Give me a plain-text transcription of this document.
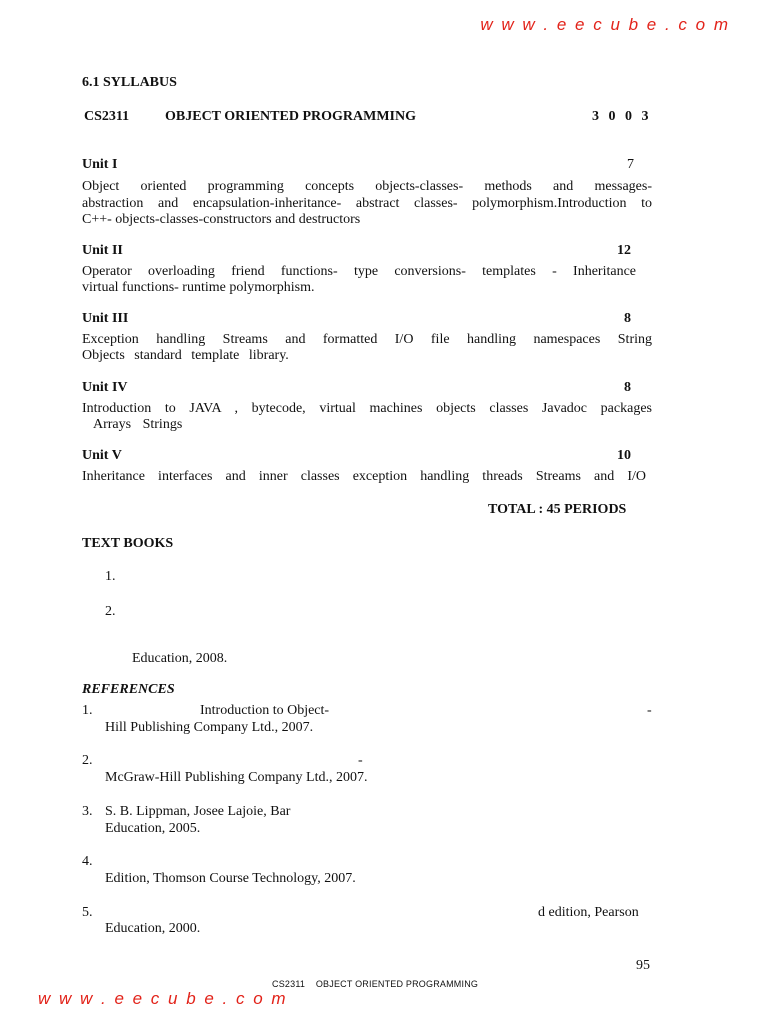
w w w . e e c u b e . c o m
w w w . e e c u b e . c o m
6.1 SYLLABUS
CS2311	OBJECT ORIENTED PROGRAMMING	3 0 0 3
Unit I	7
Object oriented programming concepts objects-classes- methods and messages-
abstraction and encapsulation-inheritance- abstract classes- polymorphism.Introduction to
C++- objects-classes-constructors and destructors
Unit II	12
Operator overloading friend functions- type conversions- templates - Inheritance
virtual functions- runtime polymorphism.
Unit III	8
Exception handling Streams and formatted I/O file handling namespaces String
Objects standard template library.
Unit IV	8
Introduction to JAVA , bytecode, virtual machines objects classes Javadoc packages
Arrays Strings
Unit V	10
Inheritance interfaces and inner classes exception handling threads Streams and I/O
TOTAL : 45 PERIODS
TEXT BOOKS
1.
2.
Education, 2008.
REFERENCES
1.	Introduction to Object-	-
Hill Publishing Company Ltd., 2007.
2.	-
McGraw-Hill Publishing Company Ltd., 2007.
3. S. B. Lippman, Josee Lajoie, Bar
Education, 2005.
4.
Edition, Thomson Course Technology, 2007.
5.	d edition, Pearson
Education, 2000.
95
CS2311    OBJECT ORIENTED PROGRAMMING
